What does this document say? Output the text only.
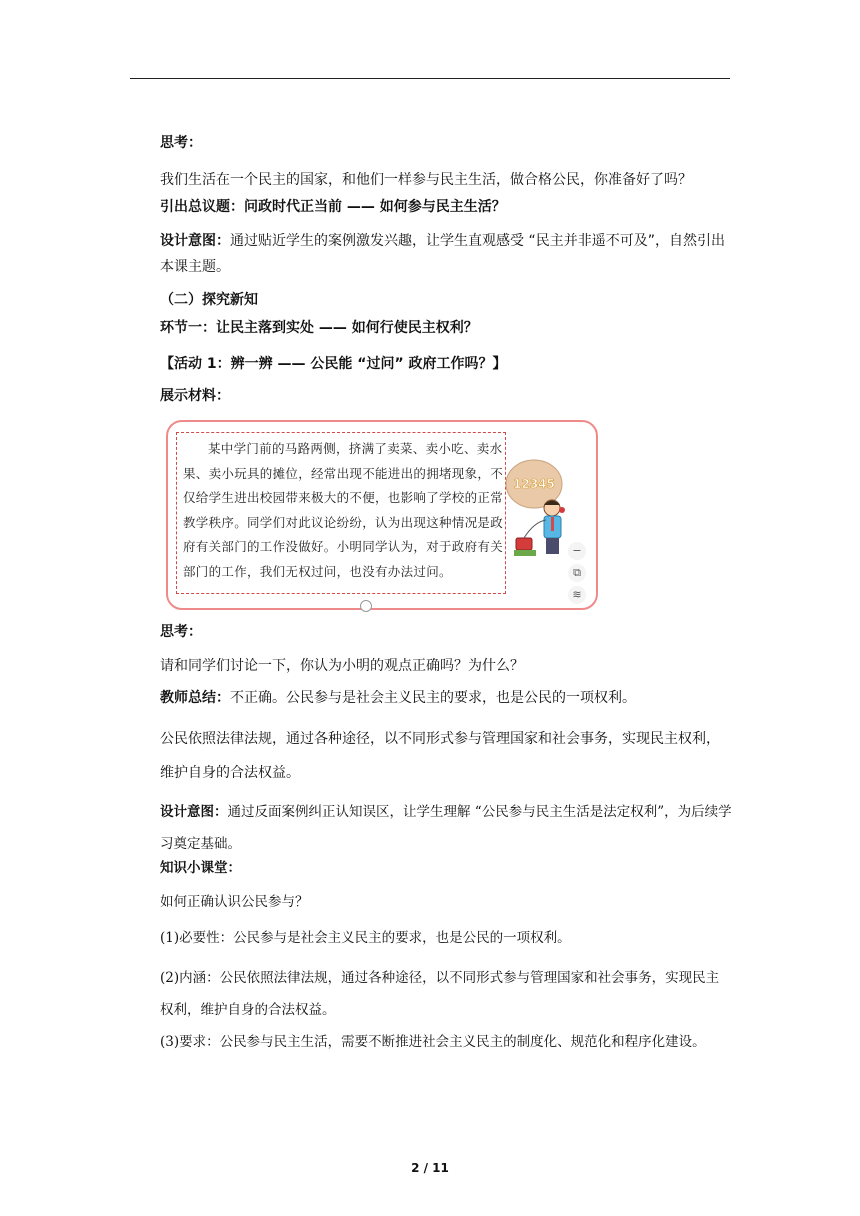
思考：
我们生活在一个民主的国家，和他们一样参与民主生活，做合格公民，你准备好了吗？
引出总议题：问政时代正当前 —— 如何参与民主生活？
设计意图：通过贴近学生的案例激发兴趣，让学生直观感受 “民主并非遥不可及”，自然引出本课主题。
（二）探究新知
环节一：让民主落到实处 —— 如何行使民主权利？
【活动 1：辨一辨 —— 公民能 “过问” 政府工作吗？】
展示材料：
某中学门前的马路两侧，挤满了卖菜、卖小吃、卖水果、卖小玩具的摊位，经常出现不能进出的拥堵现象，不仅给学生进出校园带来极大的不便，也影响了学校的正常教学秩序。同学们对此议论纷纷，认为出现这种情况是政府有关部门的工作没做好。小明同学认为，对于政府有关部门的工作，我们无权过问，也没有办法过问。
12345
−
⧉
≋
思考：
请和同学们讨论一下，你认为小明的观点正确吗？为什么？
教师总结：不正确。公民参与是社会主义民主的要求，也是公民的一项权利。
公民依照法律法规，通过各种途径，以不同形式参与管理国家和社会事务，实现民主权利，维护自身的合法权益。
设计意图：通过反面案例纠正认知误区，让学生理解 “公民参与民主生活是法定权利”，为后续学习奠定基础。
知识小课堂：
如何正确认识公民参与？
(1)必要性：公民参与是社会主义民主的要求，也是公民的一项权利。
(2)内涵：公民依照法律法规，通过各种途径，以不同形式参与管理国家和社会事务，实现民主权利，维护自身的合法权益。
(3)要求：公民参与民主生活，需要不断推进社会主义民主的制度化、规范化和程序化建设。
2 / 11
